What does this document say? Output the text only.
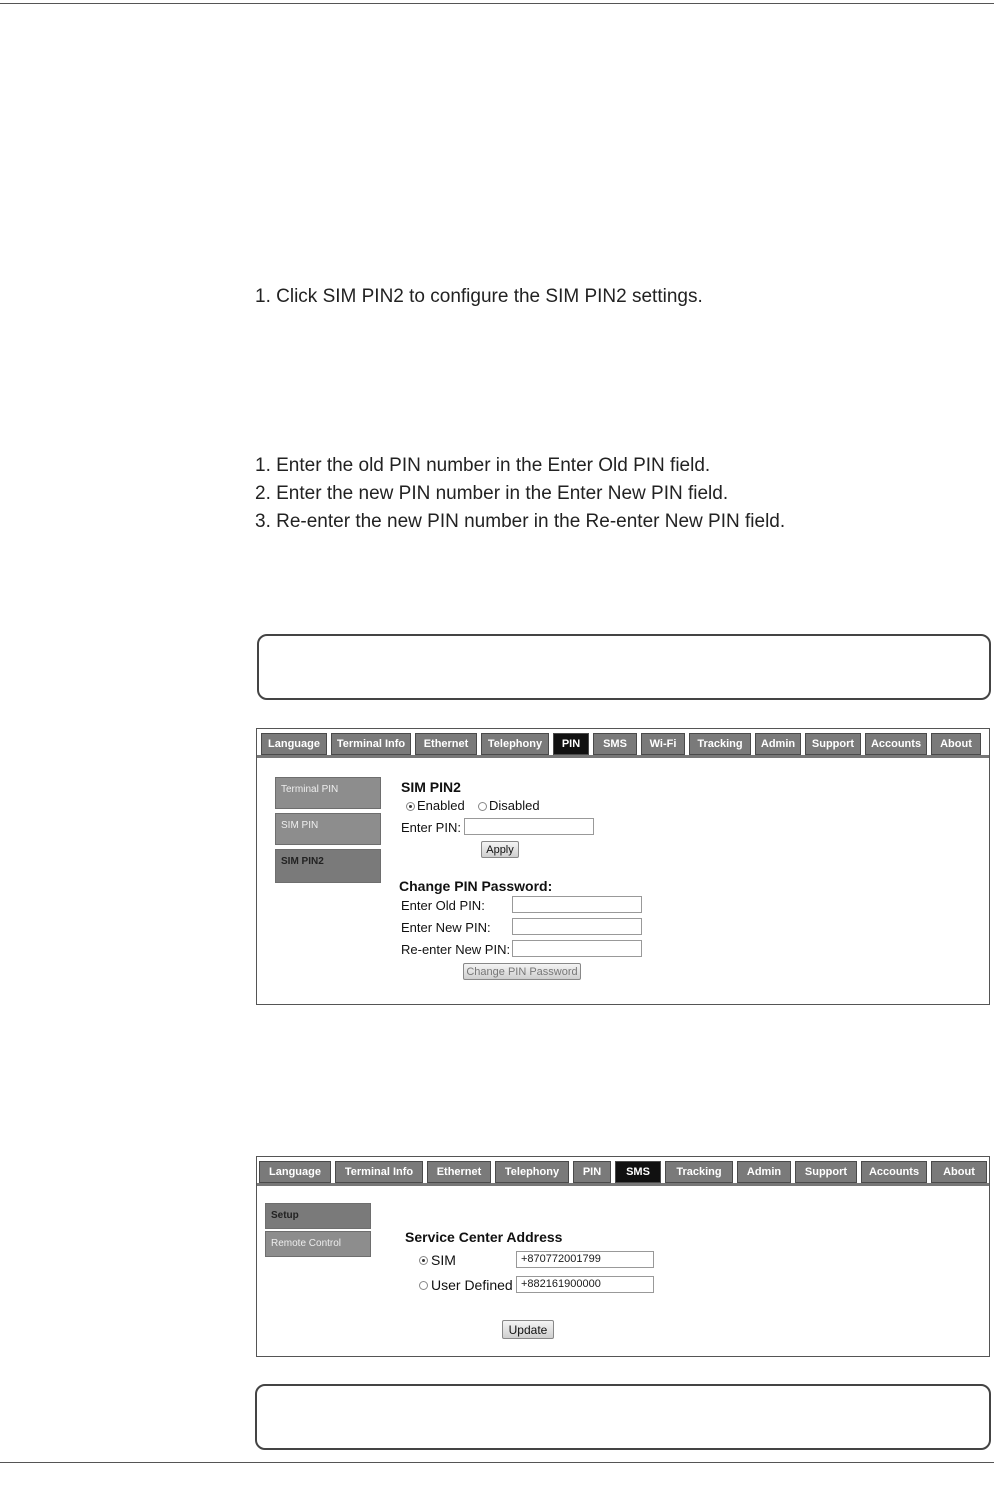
1. Click SIM PIN2 to configure the SIM PIN2 settings.
1. Enter the old PIN number in the Enter Old PIN field.
2. Enter the new PIN number in the Enter New PIN field.
3. Re-enter the new PIN number in the Re-enter New PIN field.
Language	Terminal Info	Ethernet	Telephony	PIN	SMS	Wi-Fi	Tracking	Admin	Support	Accounts	About
Terminal PIN
SIM PIN
SIM PIN2
SIM PIN2
Enabled Disabled
Enter PIN:
Apply
Change PIN Password:
Enter Old PIN:
Enter New PIN:
Re-enter New PIN:
Change PIN Password
Language	Terminal Info	Ethernet	Telephony	PIN	SMS	Tracking	Admin	Support	Accounts	About
Setup
Remote Control	Service Center Address
SIM	+870772001799
User Defined +882161900000
Update
